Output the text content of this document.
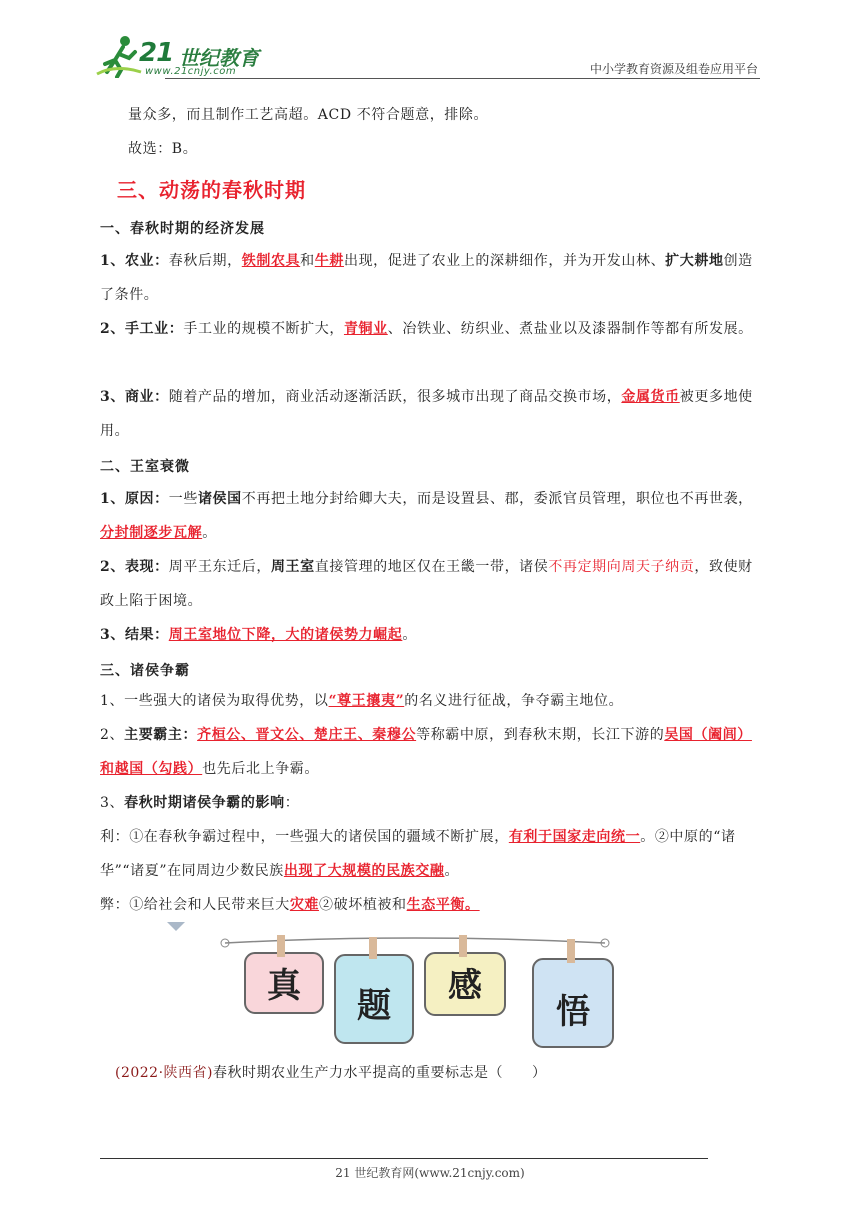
21 世纪教育
www.21cnjy.com	中小学教育资源及组卷应用平台
量众多，而且制作工艺高超。ACD 不符合题意，排除。
故选：B。
三、动荡的春秋时期
一、春秋时期的经济发展
1、农业：春秋后期，铁制农具和牛耕出现，促进了农业上的深耕细作，并为开发山林、扩大耕地创造了条件。
2、手工业：手工业的规模不断扩大，青铜业、冶铁业、纺织业、煮盐业以及漆器制作等都有所发展。
3、商业：随着产品的增加，商业活动逐渐活跃，很多城市出现了商品交换市场，金属货币被更多地使用。
二、王室衰微
1、原因：一些诸侯国不再把土地分封给卿大夫，而是设置县、郡，委派官员管理，职位也不再世袭，分封制逐步瓦解。
2、表现：周平王东迁后，周王室直接管理的地区仅在王畿一带，诸侯不再定期向周天子纳贡，致使财政上陷于困境。
3、结果：周王室地位下降，大的诸侯势力崛起。
三、诸侯争霸
1、一些强大的诸侯为取得优势，以“尊王攘夷”的名义进行征战，争夺霸主地位。
2、主要霸主：齐桓公、晋文公、楚庄王、秦穆公等称霸中原，到春秋末期，长江下游的吴国（阖闾）和越国（勾践）也先后北上争霸。
3、春秋时期诸侯争霸的影响：
利：①在春秋争霸过程中，一些强大的诸侯国的疆域不断扩展，有利于国家走向统一。②中原的“诸华”“诸夏”在同周边少数民族出现了大规模的民族交融。
弊：①给社会和人民带来巨大灾难②破坏植被和生态平衡。
真 题 感
悟
(2022·陕西省)春秋时期农业生产力水平提高的重要标志是（　　）
21 世纪教育网(www.21cnjy.com)
